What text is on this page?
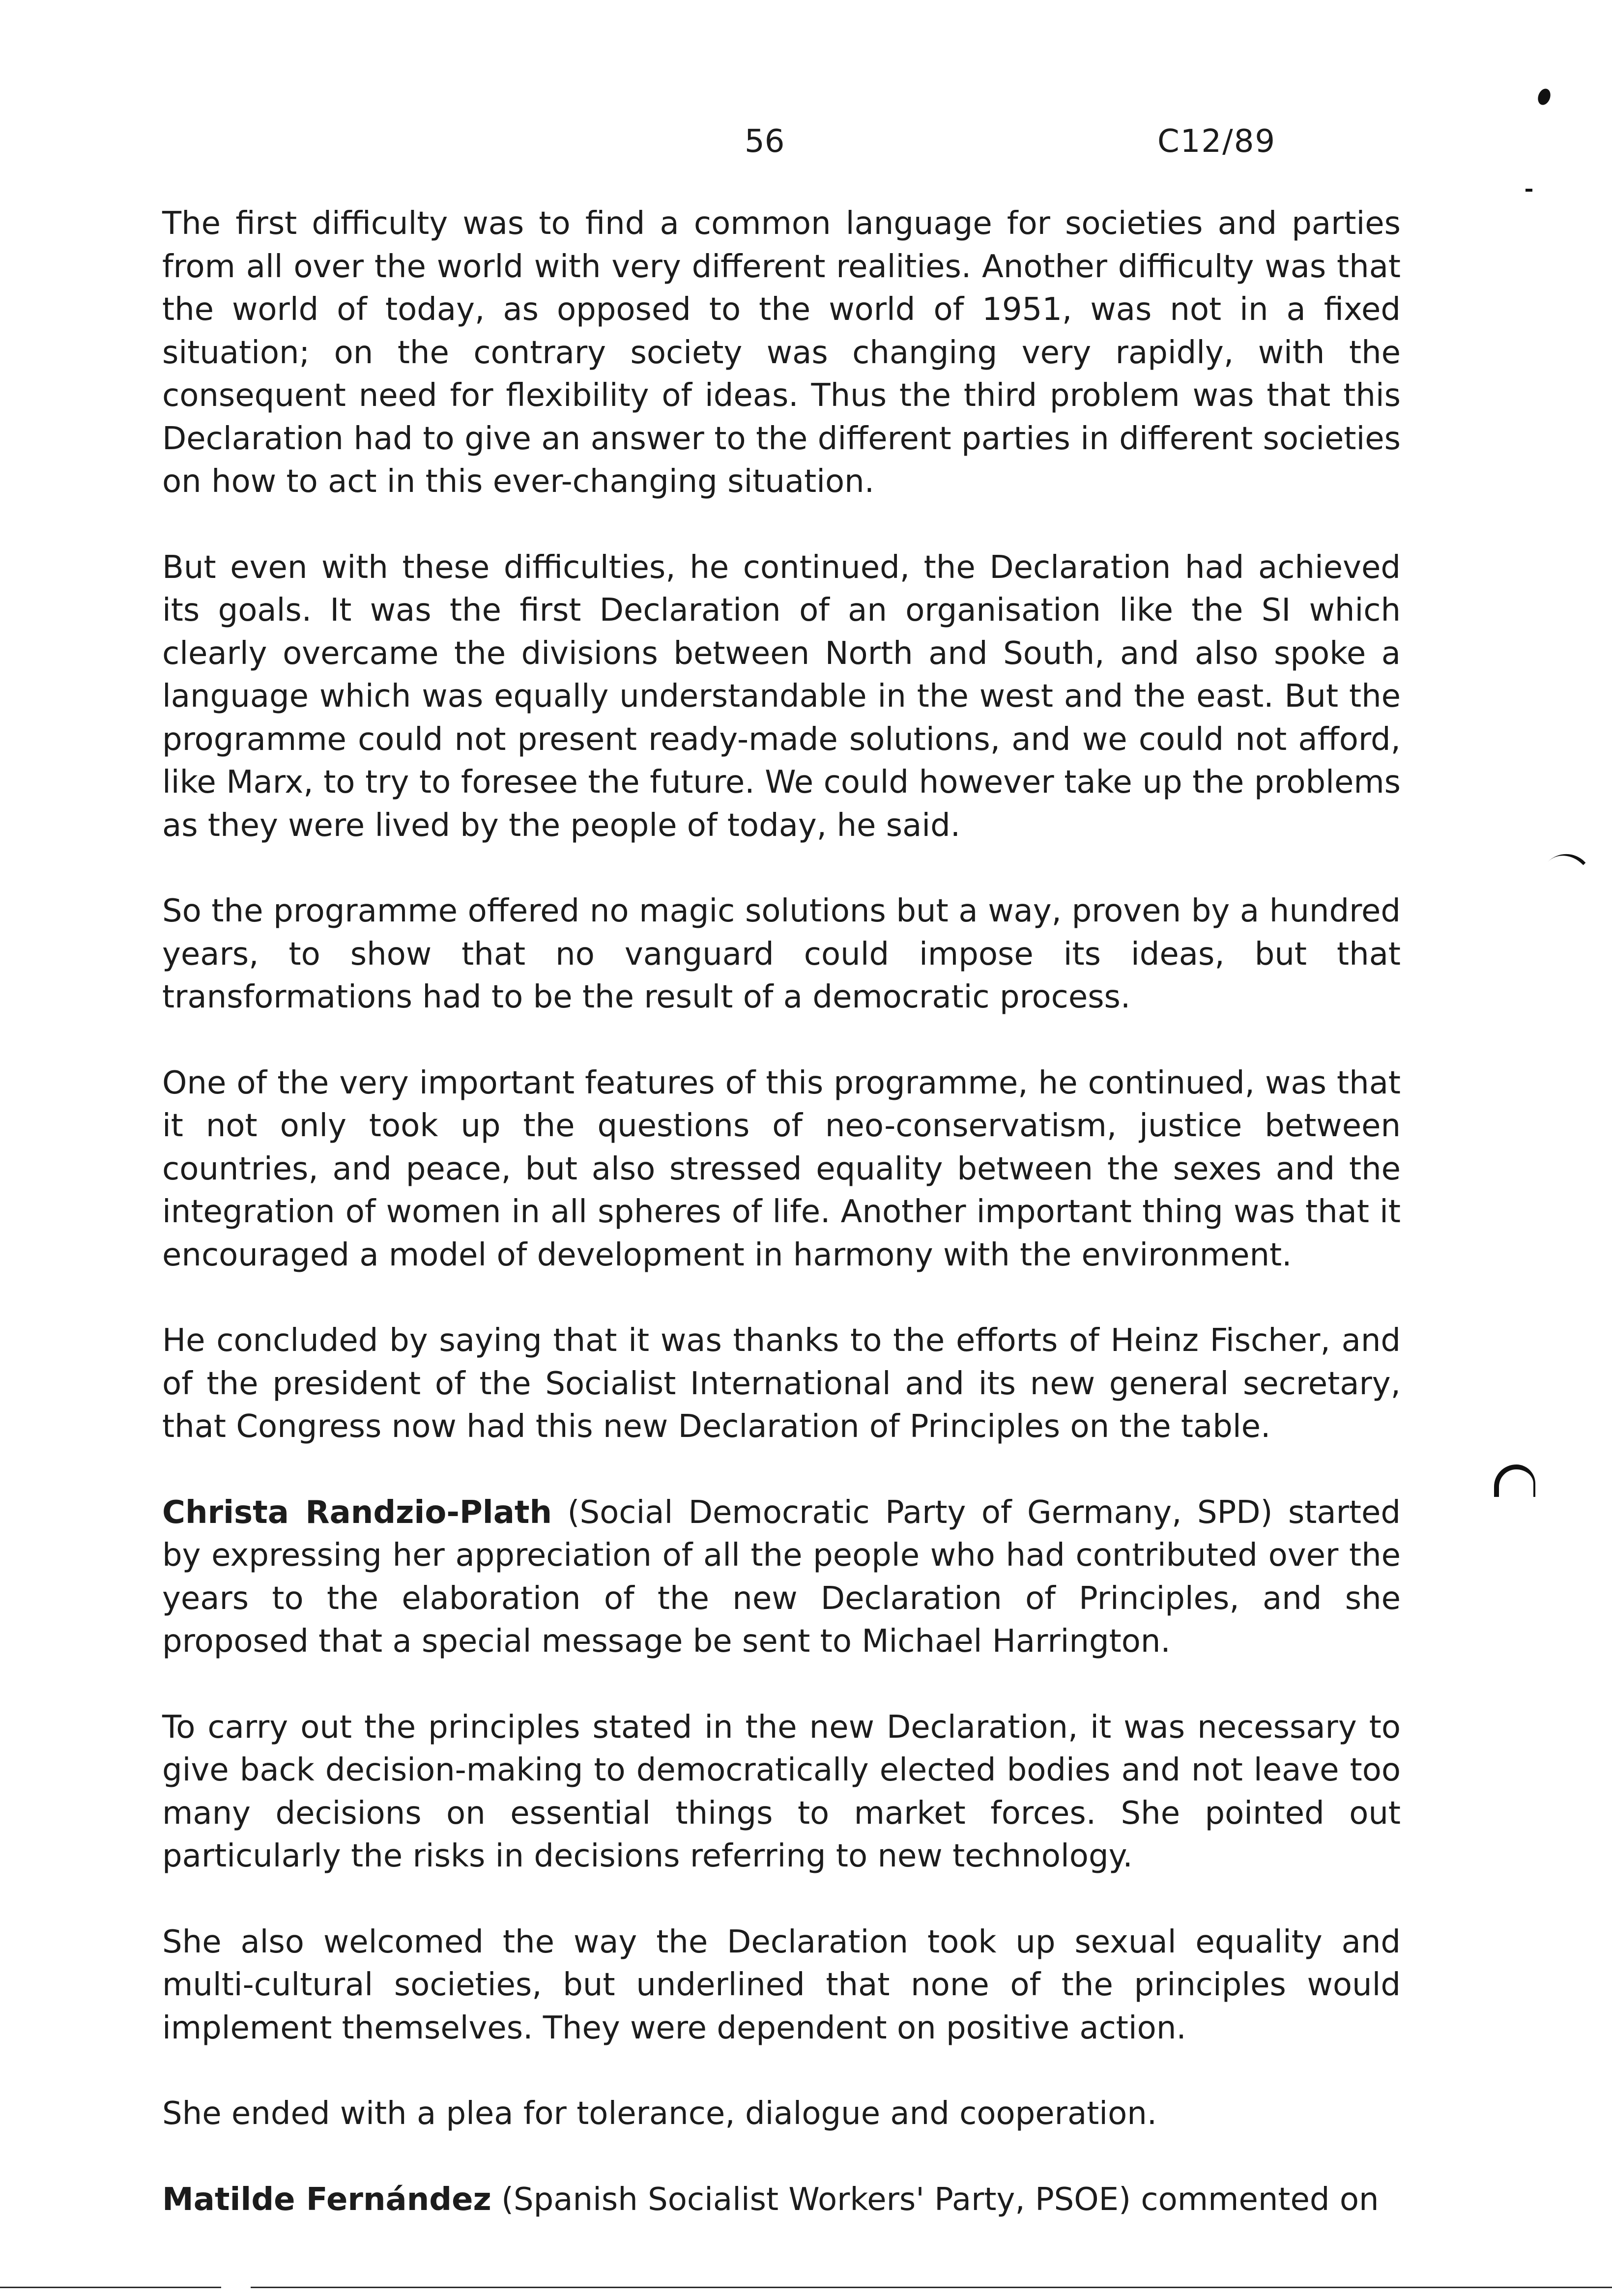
56	C12/89

The first difficulty was to find a common language for societies and parties from all over the world with very different realities. Another difficulty was that the world of today, as opposed to the world of 1951, was not in a fixed situation; on the contrary society was changing very rapidly, with the consequent need for flexibility of ideas. Thus the third problem was that this Declaration had to give an answer to the different parties in different societies on how to act in this ever-changing situation.

But even with these difficulties, he continued, the Declaration had achieved its goals. It was the first Declaration of an organisation like the SI which clearly overcame the divisions between North and South, and also spoke a language which was equally understandable in the west and the east. But the programme could not present ready-made solutions, and we could not afford, like Marx, to try to foresee the future. We could however take up the problems as they were lived by the people of today, he said.

So the programme offered no magic solutions but a way, proven by a hundred years, to show that no vanguard could impose its ideas, but that transformations had to be the result of a democratic process.

One of the very important features of this programme, he continued, was that it not only took up the questions of neo-conservatism, justice between countries, and peace, but also stressed equality between the sexes and the integration of women in all spheres of life. Another important thing was that it encouraged a model of development in harmony with the environment.

He concluded by saying that it was thanks to the efforts of Heinz Fischer, and of the president of the Socialist International and its new general secretary, that Congress now had this new Declaration of Principles on the table.

Christa Randzio-Plath (Social Democratic Party of Germany, SPD) started by expressing her appreciation of all the people who had contributed over the years to the elaboration of the new Declaration of Principles, and she proposed that a special message be sent to Michael Harrington.

To carry out the principles stated in the new Declaration, it was necessary to give back decision-making to democratically elected bodies and not leave too many decisions on essential things to market forces. She pointed out particularly the risks in decisions referring to new technology.

She also welcomed the way the Declaration took up sexual equality and multi-cultural societies, but underlined that none of the principles would implement themselves. They were dependent on positive action.

She ended with a plea for tolerance, dialogue and cooperation.

Matilde Fernández (Spanish Socialist Workers' Party, PSOE) commented on
